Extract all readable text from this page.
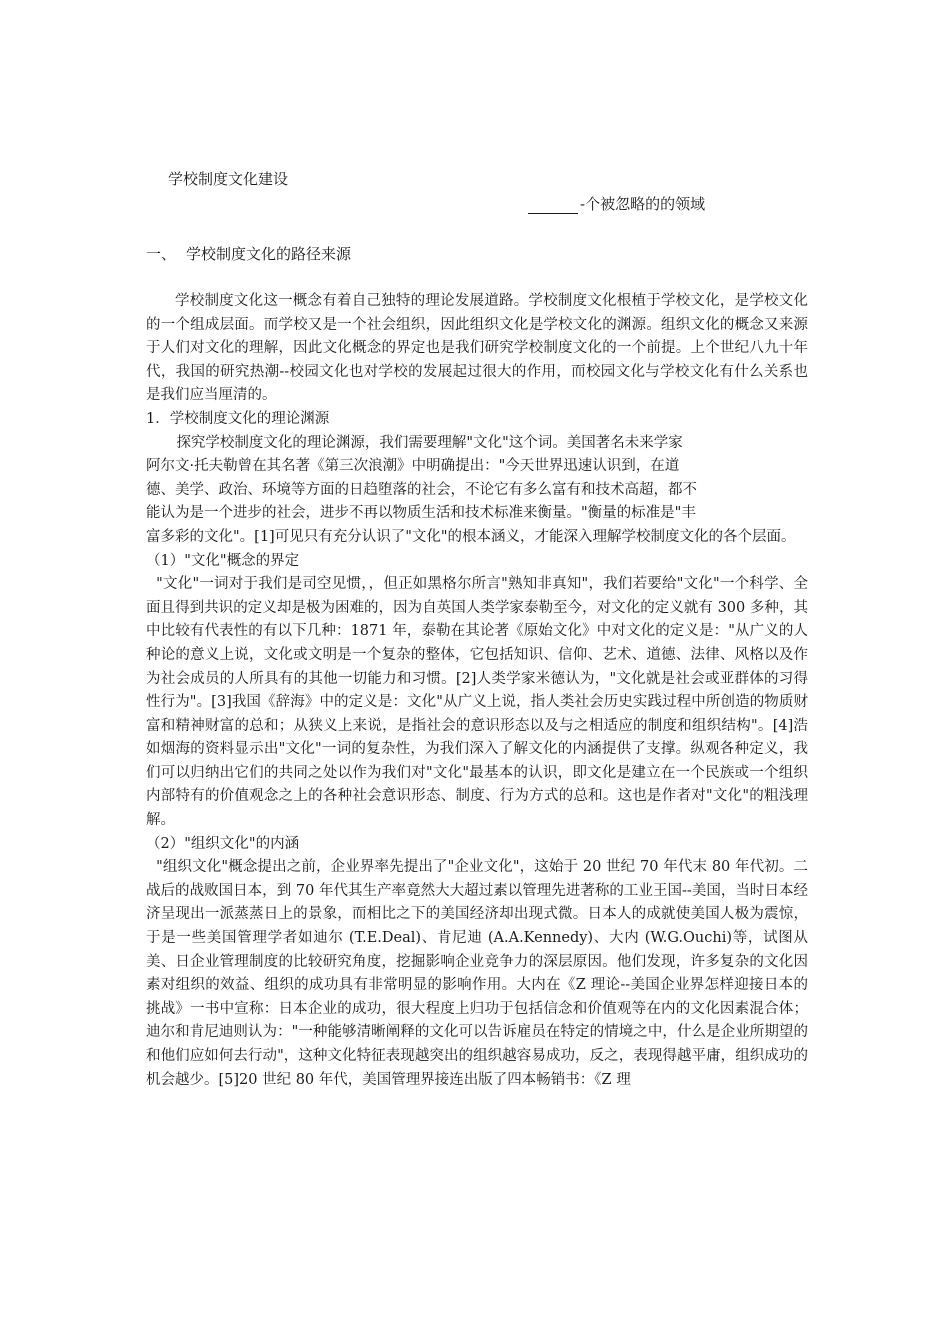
学校制度文化建设
-个被忽略的的领域
一、 学校制度文化的路径来源

学校制度文化这一概念有着自己独特的理论发展道路。学校制度文化根植于学校文化，是学校文化的一个组成层面。而学校又是一个社会组织，因此组织文化是学校文化的渊源。组织文化的概念又来源于人们对文化的理解，因此文化概念的界定也是我们研究学校制度文化的一个前提。上个世纪八九十年代，我国的研究热潮--校园文化也对学校的发展起过很大的作用，而校园文化与学校文化有什么关系也是我们应当厘清的。

1．学校制度文化的理论渊源

探究学校制度文化的理论渊源，我们需要理解"文化"这个词。美国著名未来学家

阿尔文·托夫勒曾在其名著《第三次浪潮》中明确提出："今天世界迅速认识到，在道

德、美学、政治、环境等方面的日趋堕落的社会，不论它有多么富有和技术高超，都不

能认为是一个进步的社会，进步不再以物质生活和技术标准来衡量。"衡量的标准是"丰

富多彩的文化"。[1]可见只有充分认识了"文化"的根本涵义，才能深入理解学校制度文化的各个层面。

（1）"文化"概念的界定

"文化"一词对于我们是司空见惯，，但正如黑格尔所言"熟知非真知"，我们若要给"文化"一个科学、全面且得到共识的定义却是极为困难的，因为自英国人类学家泰勒至今，对文化的定义就有 300 多种，其中比较有代表性的有以下几种：1871 年，泰勒在其论著《原始文化》中对文化的定义是："从广义的人种论的意义上说，文化或文明是一个复杂的整体，它包括知识、信仰、艺术、道德、法律、风格以及作为社会成员的人所具有的其他一切能力和习惯。[2]人类学家米德认为，"文化就是社会或亚群体的习得性行为"。[3]我国《辞海》中的定义是：文化"从广义上说，指人类社会历史实践过程中所创造的物质财富和精神财富的总和；从狭义上来说，是指社会的意识形态以及与之相适应的制度和组织结构"。[4]浩如烟海的资料显示出"文化"一词的复杂性，为我们深入了解文化的内涵提供了支撑。纵观各种定义，我们可以归纳出它们的共同之处以作为我们对"文化"最基本的认识，即文化是建立在一个民族或一个组织内部特有的价值观念之上的各种社会意识形态、制度、行为方式的总和。这也是作者对"文化"的粗浅理解。

（2）"组织文化"的内涵

"组织文化"概念提出之前，企业界率先提出了"企业文化"，这始于 20 世纪 70 年代末 80 年代初。二战后的战败国日本，到 70 年代其生产率竟然大大超过素以管理先进著称的工业王国--美国，当时日本经济呈现出一派蒸蒸日上的景象，而相比之下的美国经济却出现式微。日本人的成就使美国人极为震惊，于是一些美国管理学者如迪尔 (T.E.Deal)、肯尼迪 (A.A.Kennedy)、大内 (W.G.Ouchi)等，试图从美、日企业管理制度的比较研究角度，挖掘影响企业竞争力的深层原因。他们发现，许多复杂的文化因素对组织的效益、组织的成功具有非常明显的影响作用。大内在《Z 理论--美国企业界怎样迎接日本的挑战》一书中宣称：日本企业的成功，很大程度上归功于包括信念和价值观等在内的文化因素混合体；迪尔和肯尼迪则认为："一种能够清晰阐释的文化可以告诉雇员在特定的情境之中，什么是企业所期望的和他们应如何去行动"，这种文化特征表现越突出的组织越容易成功，反之，表现得越平庸，组织成功的机会越少。[5]20 世纪 80 年代，美国管理界接连出版了四本畅销书：《Z 理
